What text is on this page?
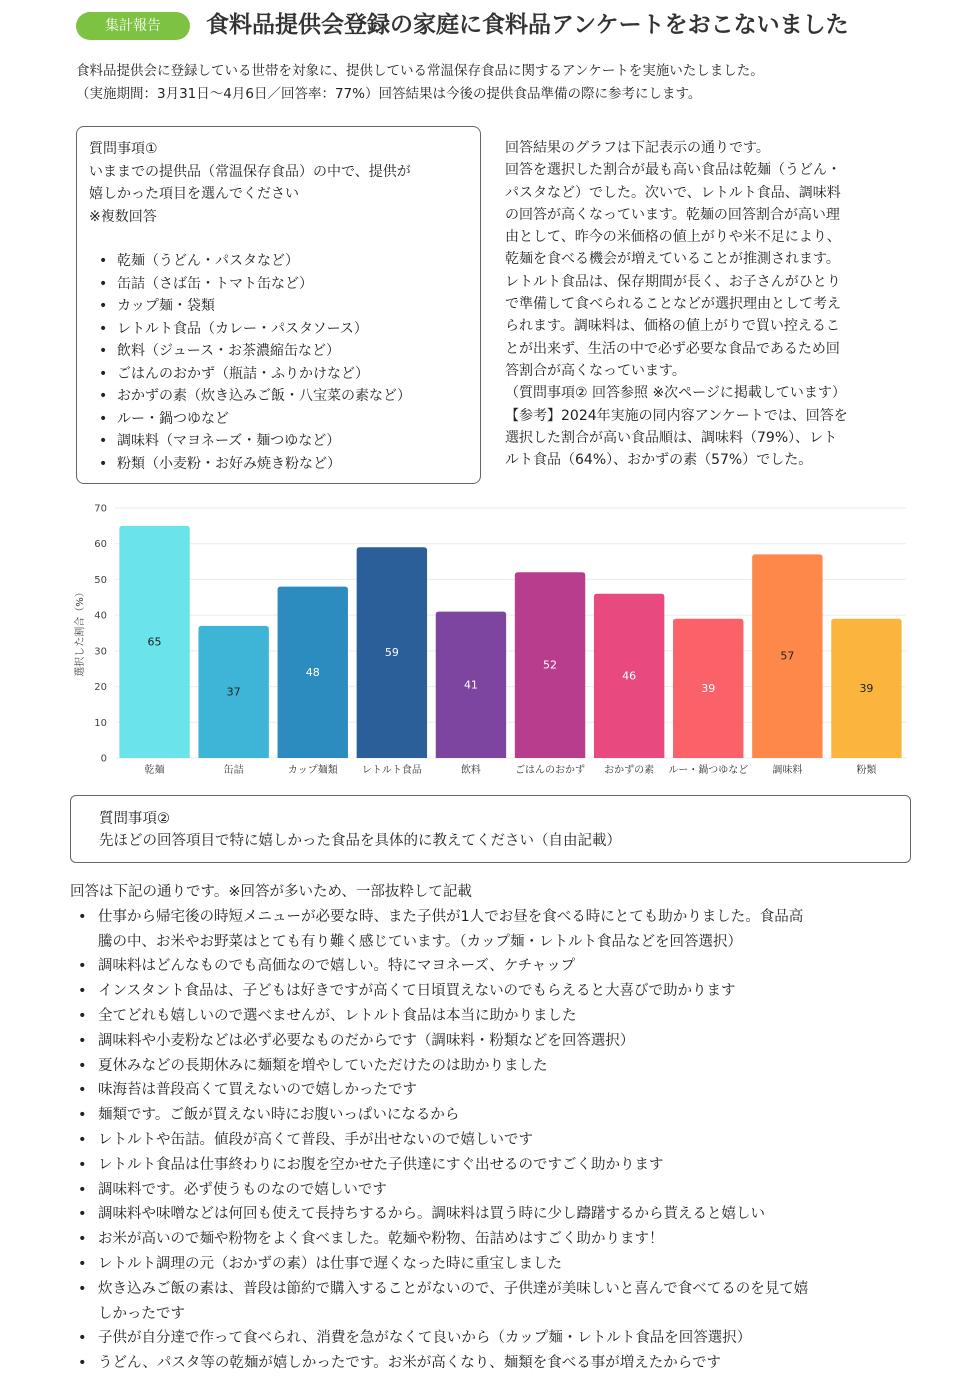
集計報告	食料品提供会登録の家庭に食料品アンケートをおこないました

食料品提供会に登録している世帯を対象に、提供している常温保存食品に関するアンケートを実施いたしました。

（実施期間：3月31日〜4月6日／回答率：77%）回答結果は今後の提供食品準備の際に参考にします。

質問事項①
いままでの提供品（常温保存食品）の中で、提供が
嬉しかった項目を選んでください
※複数回答
• 乾麺（うどん・パスタなど）
• 缶詰（さば缶・トマト缶など）
• カップ麺・袋類
• レトルト食品（カレー・パスタソース）
• 飲料（ジュース・お茶濃縮缶など）
• ごはんのおかず（瓶詰・ふりかけなど）
• おかずの素（炊き込みご飯・八宝菜の素など）
• ルー・鍋つゆなど
• 調味料（マヨネーズ・麺つゆなど）
• 粉類（小麦粉・お好み焼き粉など）

回答結果のグラフは下記表示の通りです。

回答を選択した割合が最も高い食品は乾麺（うどん・

パスタなど）でした。次いで、レトルト食品、調味料

の回答が高くなっています。乾麺の回答割合が高い理

由として、昨今の米価格の値上がりや米不足により、

乾麺を食べる機会が増えていることが推測されます。

レトルト食品は、保存期間が長く、お子さんがひとり

で準備して食べられることなどが選択理由として考え

られます。調味料は、価格の値上がりで買い控えるこ

とが出来ず、生活の中で必ず必要な食品であるため回

答割合が高くなっています。

（質問事項② 回答参照 ※次ページに掲載しています）

【参考】2024年実施の同内容アンケートでは、回答を

選択した割合が高い食品順は、調味料（79%）、レト

ルト食品（64%）、おかずの素（57%）でした。

0
10
20
30
40
50
60
70
65
乾麺
37
缶詰
48
カップ麺類
59
レトルト食品
41
飲料
52
ごはんのおかず
46
おかずの素
39
ルー・鍋つゆなど
57
調味料
39
粉類
選択した割合（%）
質問事項②
先ほどの回答項目で特に嬉しかった食品を具体的に教えてください（自由記載）
回答は下記の通りです。※回答が多いため、一部抜粋して記載
• 仕事から帰宅後の時短メニューが必要な時、また子供が1人でお昼を食べる時にとても助かりました。食品高
騰の中、お米やお野菜はとても有り難く感じています。（カップ麺・レトルト食品などを回答選択）
• 調味料はどんなものでも高価なので嬉しい。特にマヨネーズ、ケチャップ
• インスタント食品は、子どもは好きですが高くて日頃買えないのでもらえると大喜びで助かります
• 全てどれも嬉しいので選べませんが、レトルト食品は本当に助かりました
• 調味料や小麦粉などは必ず必要なものだからです（調味料・粉類などを回答選択）
• 夏休みなどの長期休みに麺類を増やしていただけたのは助かりました
• 味海苔は普段高くて買えないので嬉しかったです
• 麺類です。ご飯が買えない時にお腹いっぱいになるから
• レトルトや缶詰。値段が高くて普段、手が出せないので嬉しいです
• レトルト食品は仕事終わりにお腹を空かせた子供達にすぐ出せるのですごく助かります
• 調味料です。必ず使うものなので嬉しいです
• 調味料や味噌などは何回も使えて長持ちするから。調味料は買う時に少し躊躇するから貰えると嬉しい
• お米が高いので麺や粉物をよく食べました。乾麺や粉物、缶詰めはすごく助かります！
• レトルト調理の元（おかずの素）は仕事で遅くなった時に重宝しました
• 炊き込みご飯の素は、普段は節約で購入することがないので、子供達が美味しいと喜んで食べてるのを見て嬉
しかったです
• 子供が自分達で作って食べられ、消費を急がなくて良いから（カップ麺・レトルト食品を回答選択）
• うどん、パスタ等の乾麺が嬉しかったです。お米が高くなり、麺類を食べる事が増えたからです
